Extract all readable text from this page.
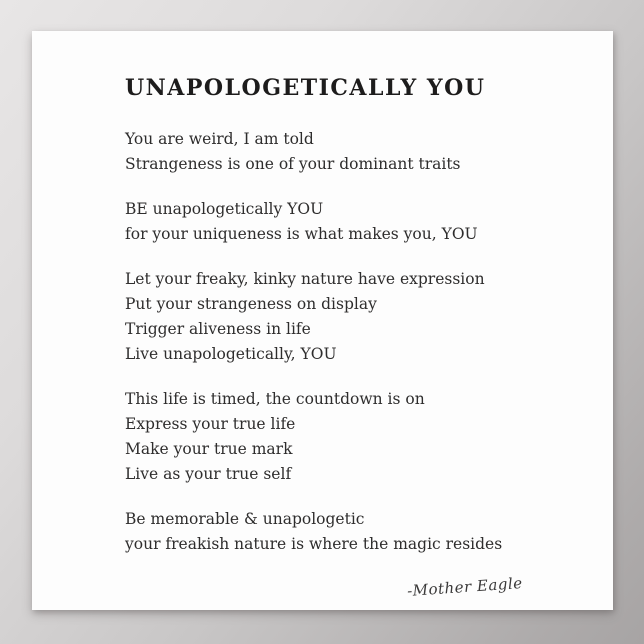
UNAPOLOGETICALLY YOU
You are weird, I am told
Strangeness is one of your dominant traits
BE unapologetically YOU
for your uniqueness is what makes you, YOU
Let your freaky, kinky nature have expression
Put your strangeness on display
Trigger aliveness in life
Live unapologetically, YOU
This life is timed, the countdown is on
Express your true life
Make your true mark
Live as your true self
Be memorable & unapologetic
your freakish nature is where the magic resides
-Mother Eagle
